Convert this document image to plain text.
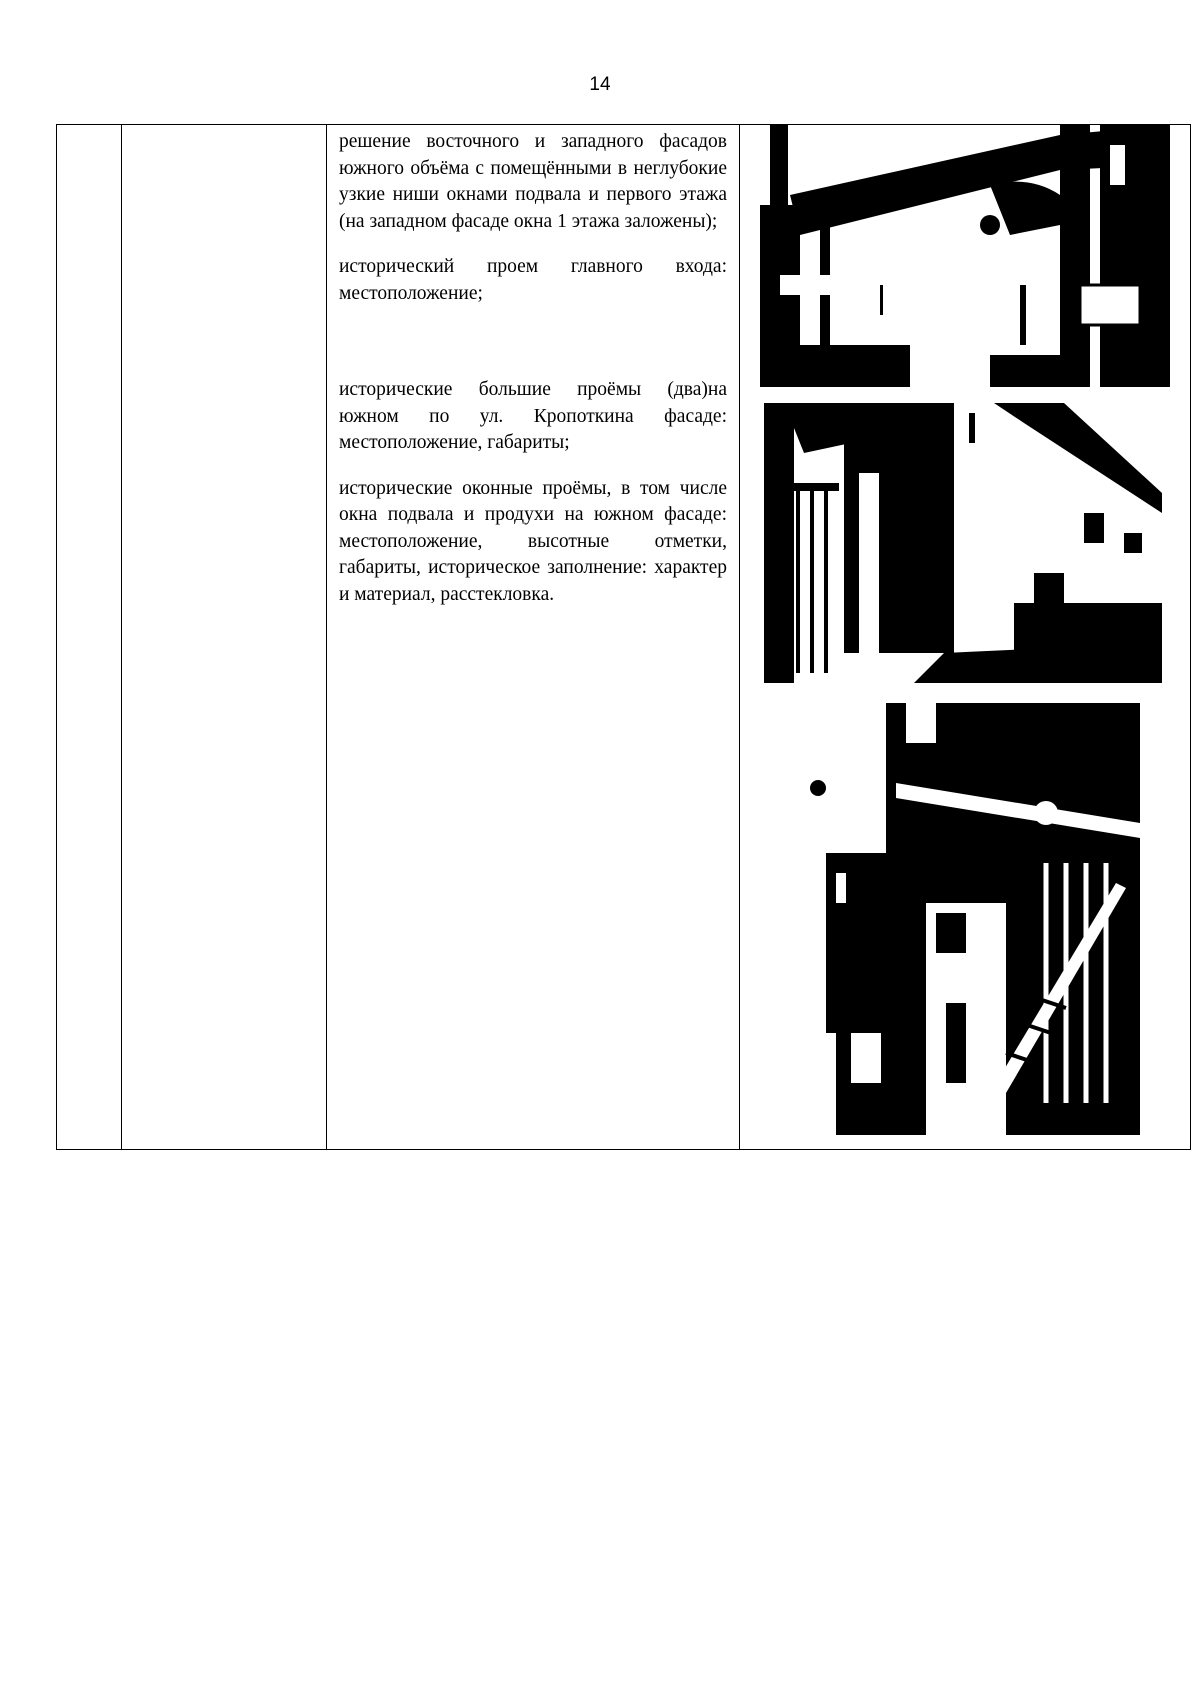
14

решение восточного и западного фасадов южного объёма с помещёнными в неглубокие узкие ниши окнами подвала и первого этажа (на западном фасаде окна 1 этажа заложены);

исторический проем главного входа: местоположение;

исторические большие проёмы (два)на южном по ул. Кропоткина фасаде: местоположение, габариты;

исторические оконные проёмы, в том числе окна подвала и продухи на южном фасаде: местоположение, высотные отметки, габариты, историческое заполнение: характер и материал, расстекловка.
